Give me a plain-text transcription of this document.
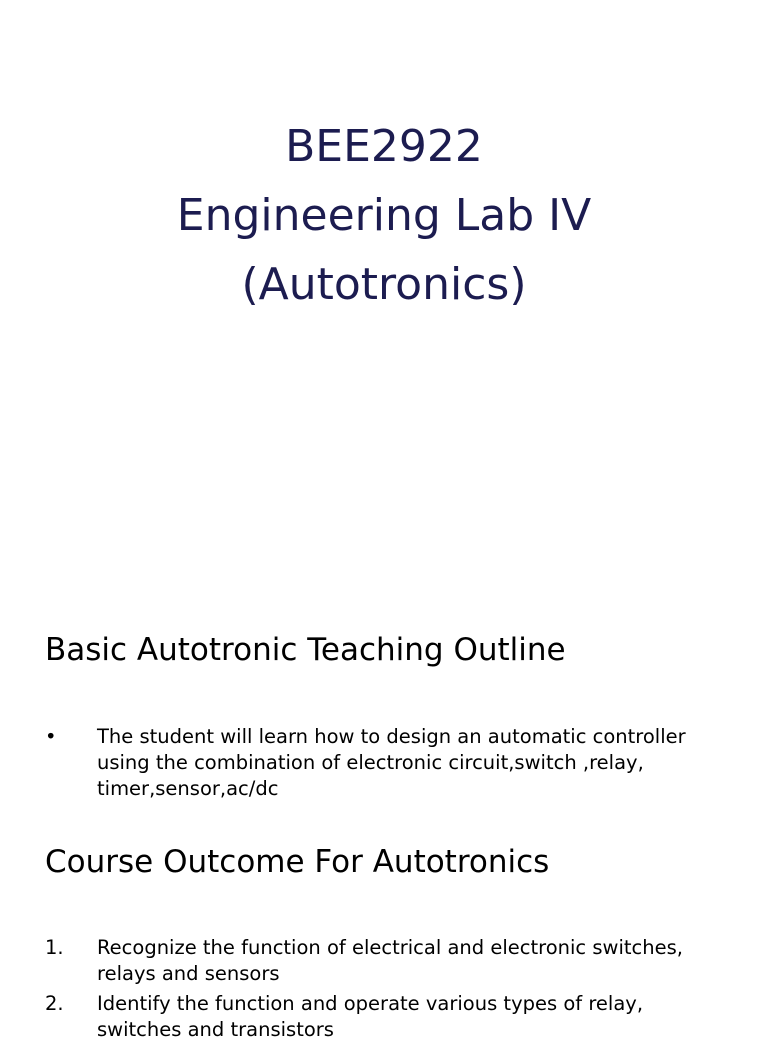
BEE2922
Engineering Lab IV
(Autotronics)
Basic Autotronic Teaching Outline
• The student will learn how to design an automatic controller using the combination of electronic circuit,switch ,relay, timer,sensor,ac/dc
Course Outcome For Autotronics
1. Recognize the function of electrical and electronic switches, relays and sensors
2. Identify the function and operate various types of relay, switches and transistors
